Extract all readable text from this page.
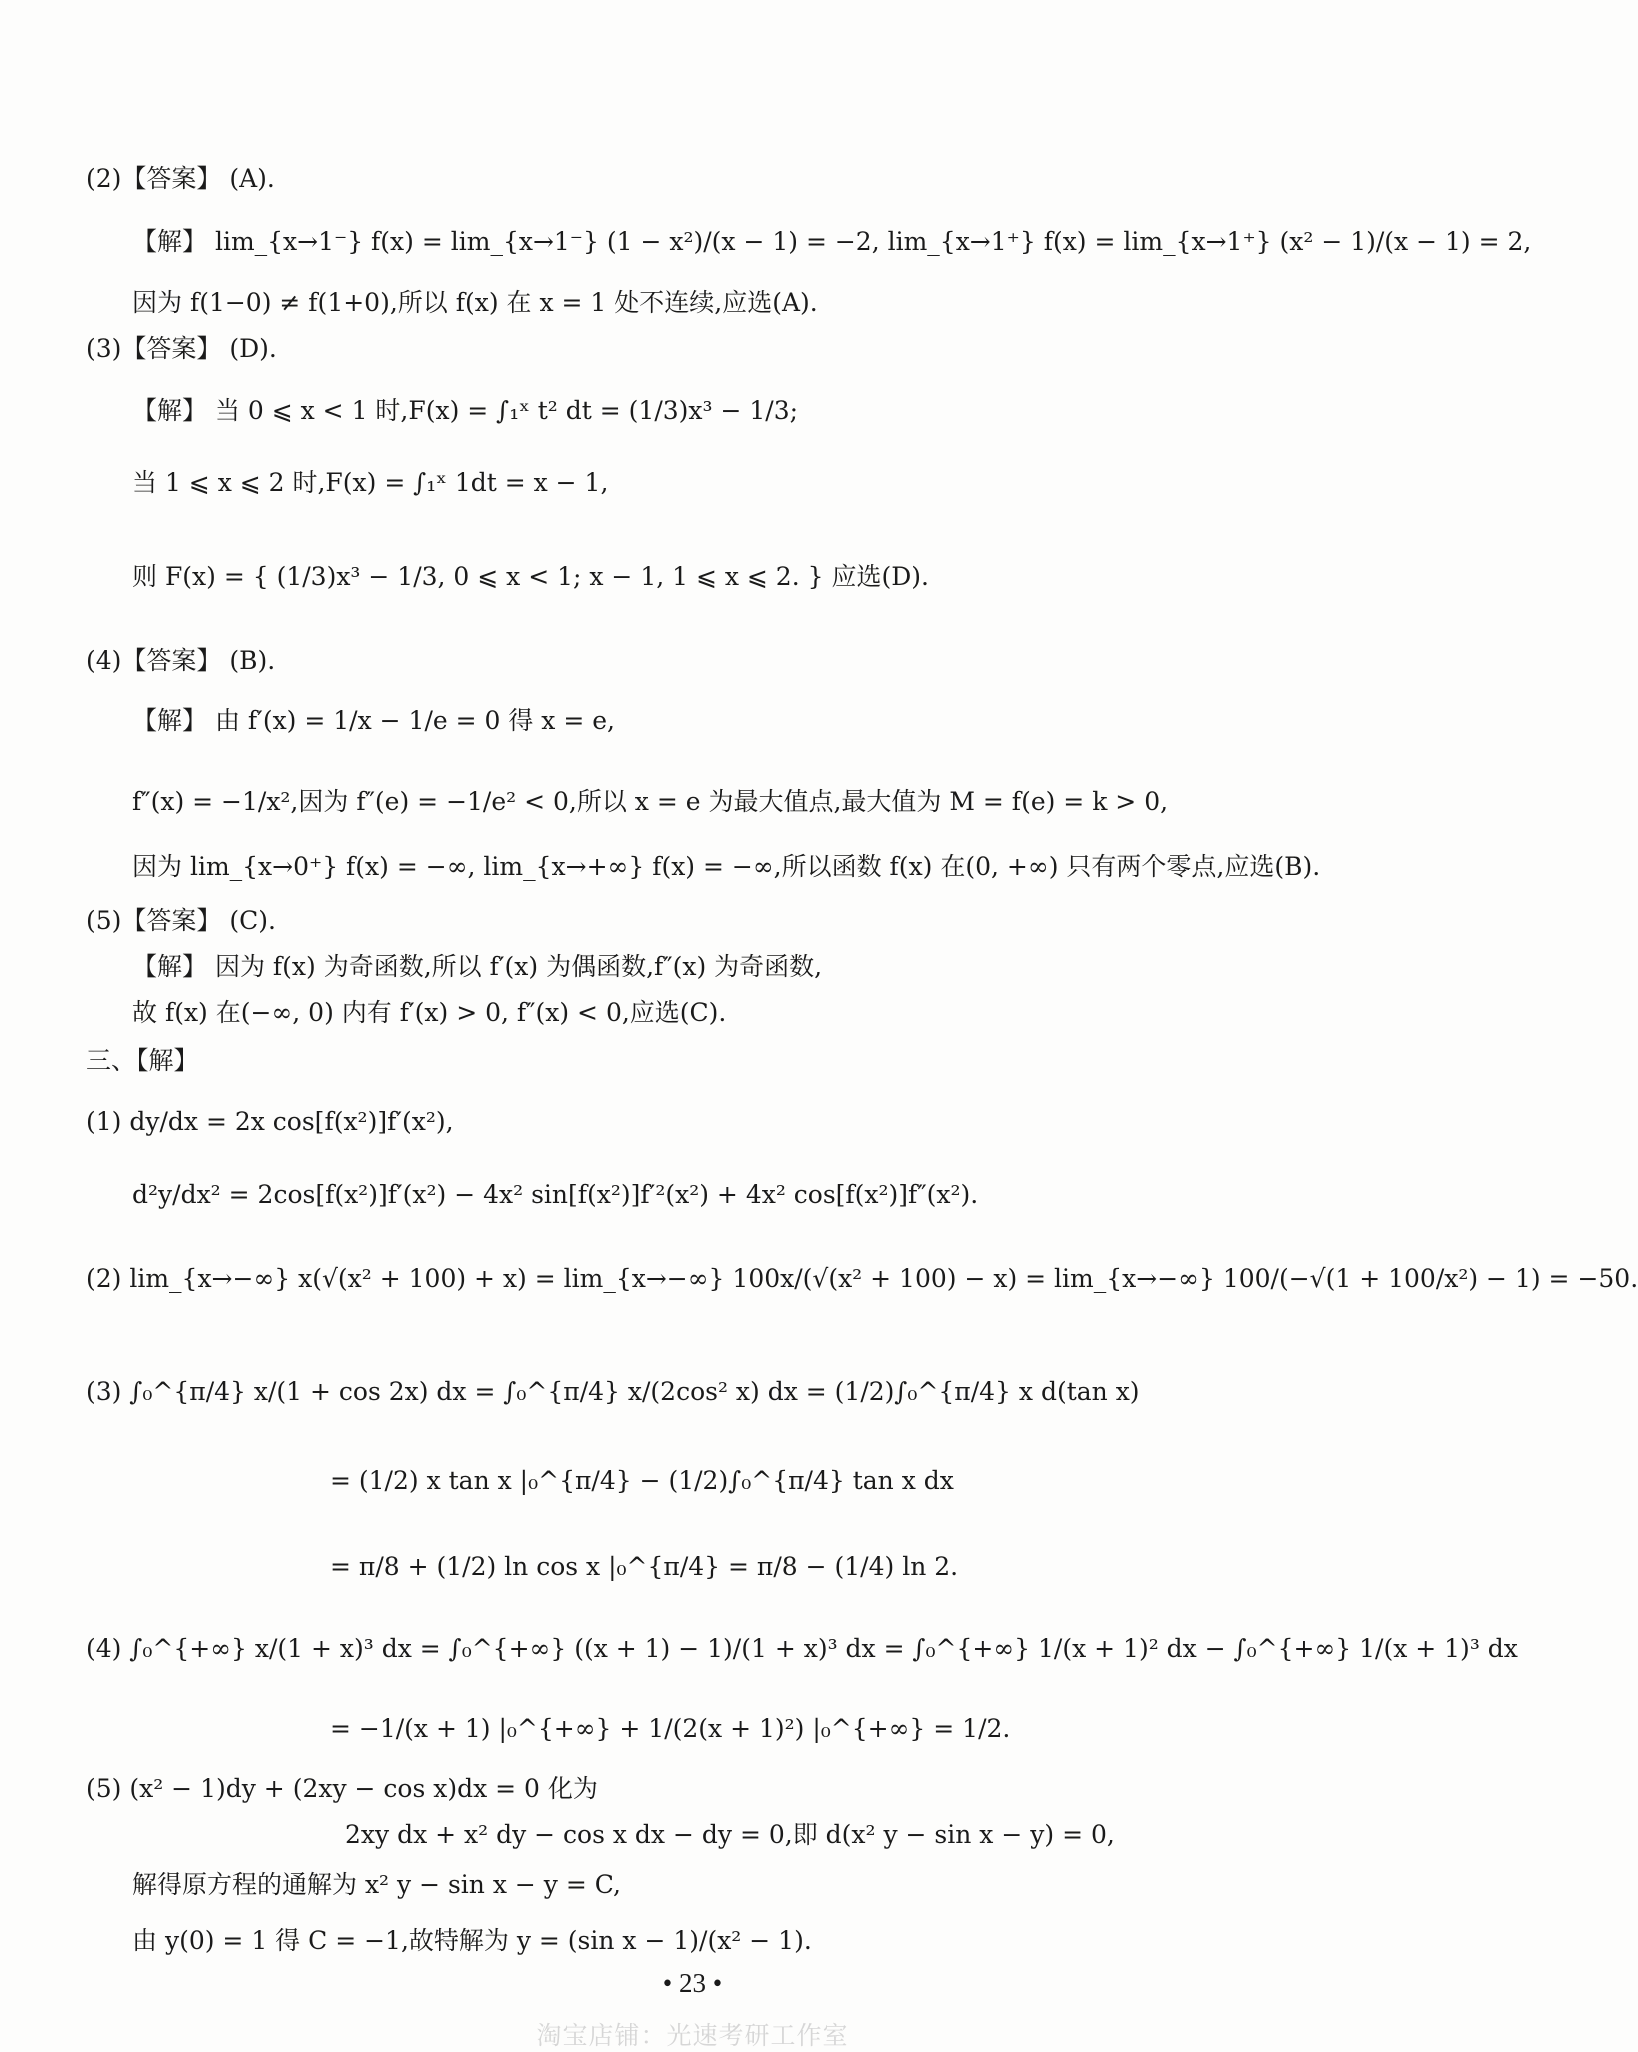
(2)【答案】 (A).
【解】 lim_{x→1⁻} f(x) = lim_{x→1⁻} (1 − x²)/(x − 1) = −2, lim_{x→1⁺} f(x) = lim_{x→1⁺} (x² − 1)/(x − 1) = 2,
因为 f(1−0) ≠ f(1+0),所以 f(x) 在 x = 1 处不连续,应选(A).
(3)【答案】 (D).
【解】 当 0 ⩽ x < 1 时,F(x) = ∫₁ˣ t² dt = (1/3)x³ − 1/3;
当 1 ⩽ x ⩽ 2 时,F(x) = ∫₁ˣ 1dt = x − 1,
则 F(x) = { (1/3)x³ − 1/3, 0 ⩽ x < 1; x − 1, 1 ⩽ x ⩽ 2. } 应选(D).
(4)【答案】 (B).
【解】 由 f′(x) = 1/x − 1/e = 0 得 x = e,
f″(x) = −1/x²,因为 f″(e) = −1/e² < 0,所以 x = e 为最大值点,最大值为 M = f(e) = k > 0,
因为 lim_{x→0⁺} f(x) = −∞, lim_{x→+∞} f(x) = −∞,所以函数 f(x) 在(0, +∞) 只有两个零点,应选(B).
(5)【答案】 (C).
【解】 因为 f(x) 为奇函数,所以 f′(x) 为偶函数,f″(x) 为奇函数,
故 f(x) 在(−∞, 0) 内有 f′(x) > 0, f″(x) < 0,应选(C).
三、【解】
(1) dy/dx = 2x cos[f(x²)]f′(x²),
d²y/dx² = 2cos[f(x²)]f′(x²) − 4x² sin[f(x²)]f′²(x²) + 4x² cos[f(x²)]f″(x²).
(2) lim_{x→−∞} x(√(x² + 100) + x) = lim_{x→−∞} 100x/(√(x² + 100) − x) = lim_{x→−∞} 100/(−√(1 + 100/x²) − 1) = −50.
(3) ∫₀^{π/4} x/(1 + cos 2x) dx = ∫₀^{π/4} x/(2cos² x) dx = (1/2)∫₀^{π/4} x d(tan x)
= (1/2) x tan x |₀^{π/4} − (1/2)∫₀^{π/4} tan x dx
= π/8 + (1/2) ln cos x |₀^{π/4} = π/8 − (1/4) ln 2.
(4) ∫₀^{+∞} x/(1 + x)³ dx = ∫₀^{+∞} ((x + 1) − 1)/(1 + x)³ dx = ∫₀^{+∞} 1/(x + 1)² dx − ∫₀^{+∞} 1/(x + 1)³ dx
= −1/(x + 1) |₀^{+∞} + 1/(2(x + 1)²) |₀^{+∞} = 1/2.
(5) (x² − 1)dy + (2xy − cos x)dx = 0 化为
2xy dx + x² dy − cos x dx − dy = 0,即 d(x² y − sin x − y) = 0,
解得原方程的通解为 x² y − sin x − y = C,
由 y(0) = 1 得 C = −1,故特解为 y = (sin x − 1)/(x² − 1).
• 23 •
淘宝店铺：光速考研工作室
